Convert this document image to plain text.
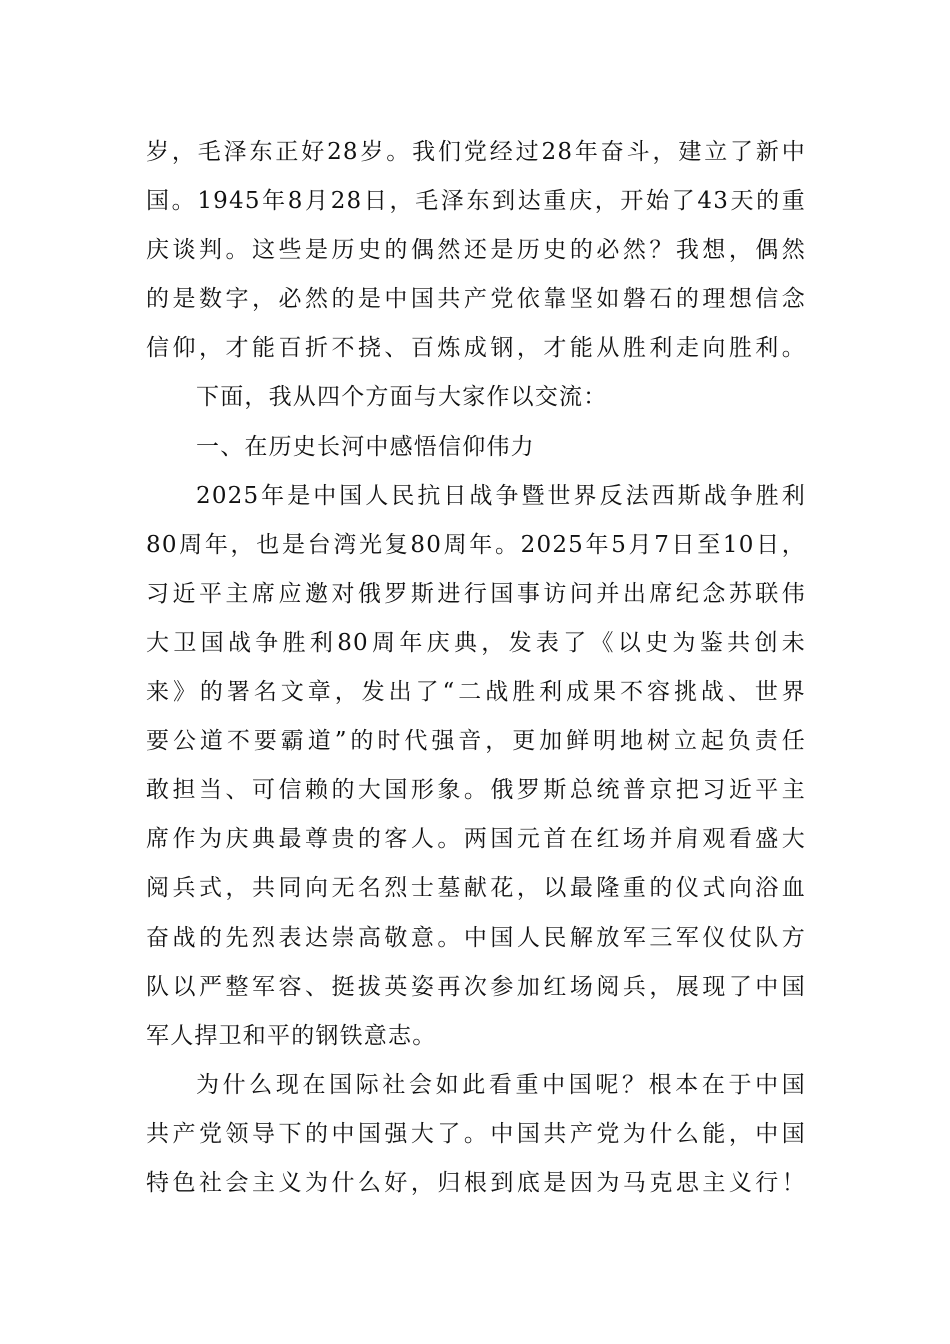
岁，毛泽东正好28岁。我们党经过28年奋斗，建立了新中
国。1945年8月28日，毛泽东到达重庆，开始了43天的重
庆谈判。这些是历史的偶然还是历史的必然？我想，偶然
的是数字，必然的是中国共产党依靠坚如磐石的理想信念
信仰，才能百折不挠、百炼成钢，才能从胜利走向胜利。
下面，我从四个方面与大家作以交流：
一、在历史长河中感悟信仰伟力
2025年是中国人民抗日战争暨世界反法西斯战争胜利
80周年，也是台湾光复80周年。2025年5月7日至10日，
习近平主席应邀对俄罗斯进行国事访问并出席纪念苏联伟
大卫国战争胜利80周年庆典，发表了《以史为鉴共创未
来》的署名文章，发出了“二战胜利成果不容挑战、世界
要公道不要霸道”的时代强音，更加鲜明地树立起负责任
敢担当、可信赖的大国形象。俄罗斯总统普京把习近平主
席作为庆典最尊贵的客人。两国元首在红场并肩观看盛大
阅兵式，共同向无名烈士墓献花，以最隆重的仪式向浴血
奋战的先烈表达崇高敬意。中国人民解放军三军仪仗队方
队以严整军容、挺拔英姿再次参加红场阅兵，展现了中国
军人捍卫和平的钢铁意志。
为什么现在国际社会如此看重中国呢？根本在于中国
共产党领导下的中国强大了。中国共产党为什么能，中国
特色社会主义为什么好，归根到底是因为马克思主义行！
